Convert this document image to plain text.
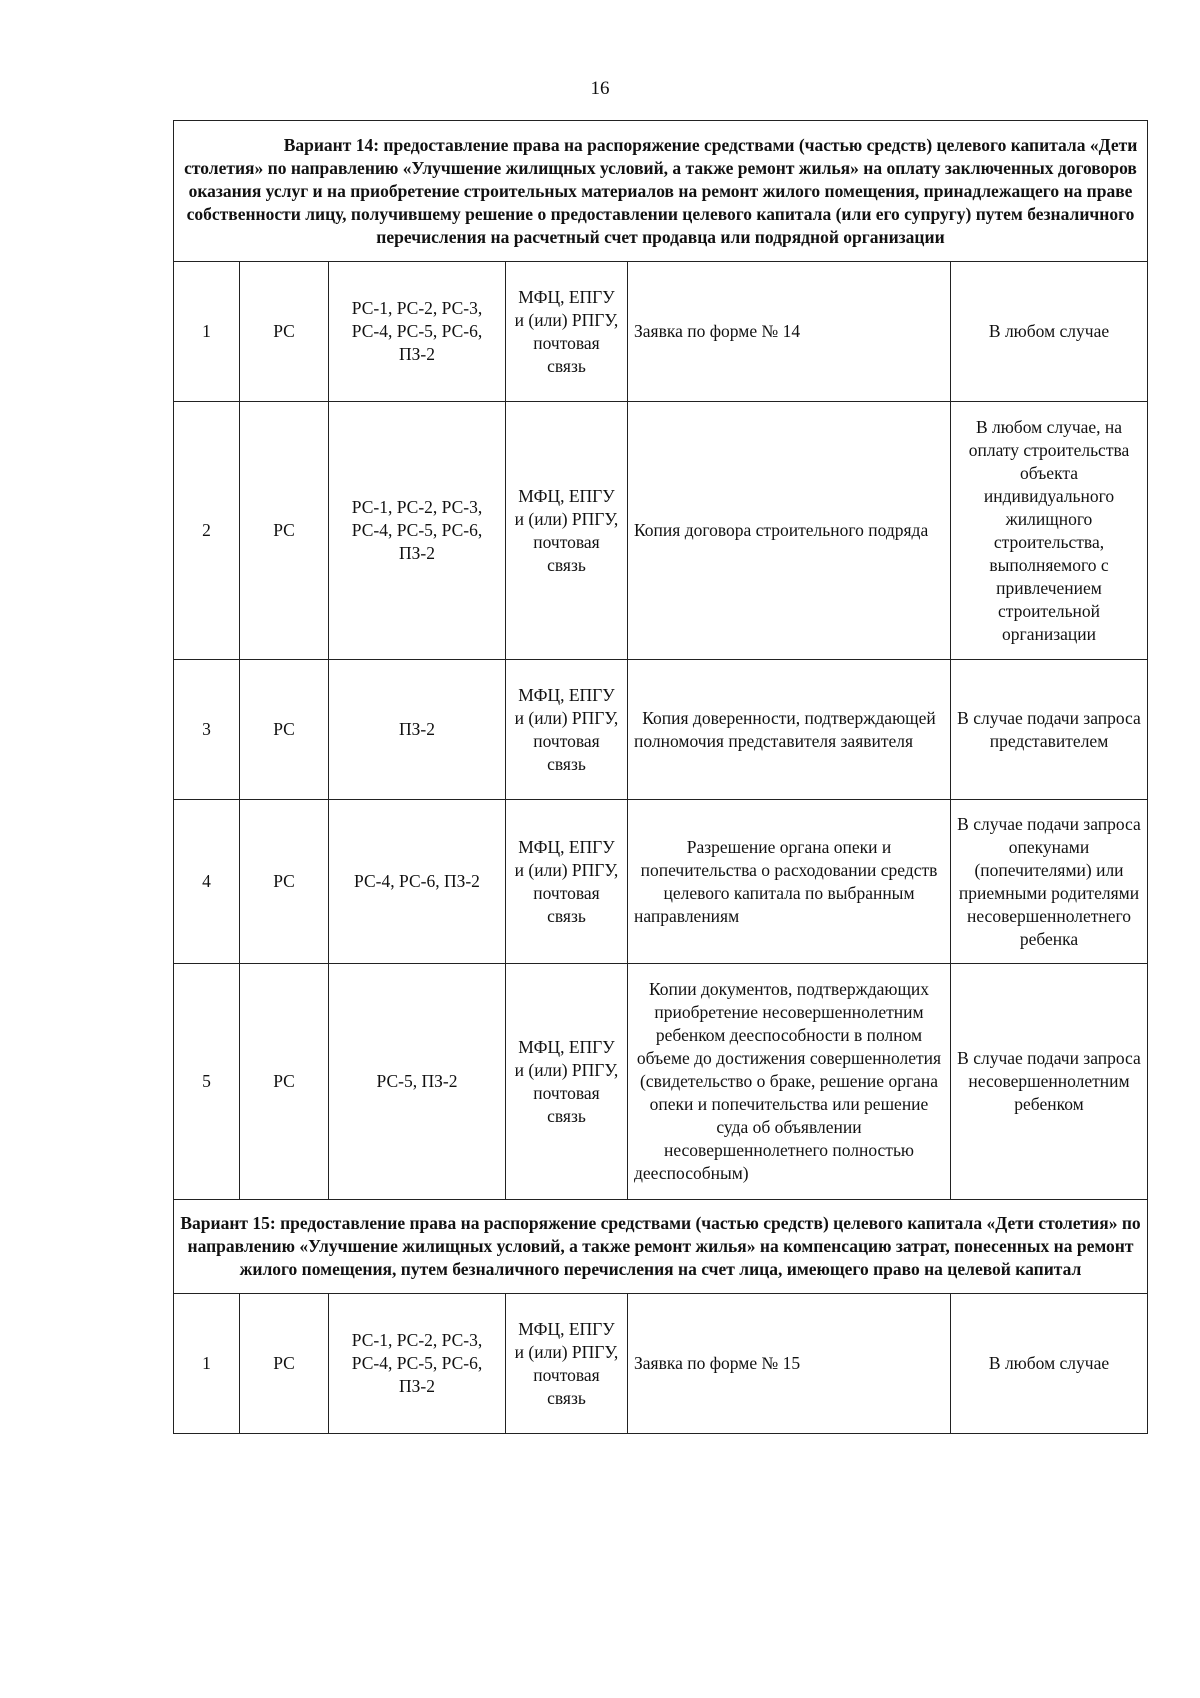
16
Вариант 14: предоставление права на распоряжение средствами (частью средств) целевого капитала «Дети столетия» по направлению «Улучшение жилищных условий, а также ремонт жилья» на оплату заключенных договоров оказания услуг и на приобретение строительных материалов на ремонт жилого помещения, принадлежащего на праве собственности лицу, получившему решение о предоставлении целевого капитала (или его супругу) путем безналичного перечисления на расчетный счет продавца или подрядной организации					

1	РС	РС-1, РС-2, РС-3, РС-4, РС-5, РС-6, ПЗ-2	МФЦ, ЕПГУ и (или) РПГУ, почтовая связь	Заявка по форме № 14	В любом случае
2	РС	РС-1, РС-2, РС-3, РС-4, РС-5, РС-6, ПЗ-2	МФЦ, ЕПГУ и (или) РПГУ, почтовая связь	Копия договора строительного подряда	В любом случае, на оплату строительства объекта индивидуального жилищного строительства, выполняемого с привлечением строительной организации
3	РС	ПЗ-2	МФЦ, ЕПГУ и (или) РПГУ, почтовая связь	Копия доверенности, подтверждающей полномочия представителя заявителя	В случае подачи запроса представителем
4	РС	РС-4, РС-6, ПЗ-2	МФЦ, ЕПГУ и (или) РПГУ, почтовая связь	Разрешение органа опеки и попечительства о расходовании средств целевого капитала по выбранным направлениям	В случае подачи запроса опекунами (попечителями) или приемными родителями несовершеннолетнего ребенка
5	РС	РС-5, ПЗ-2	МФЦ, ЕПГУ и (или) РПГУ, почтовая связь	Копии документов, подтверждающих приобретение несовершеннолетним ребенком дееспособности в полном объеме до достижения совершеннолетия (свидетельство о браке, решение органа опеки и попечительства или решение суда об объявлении несовершеннолетнего полностью дееспособным)	В случае подачи запроса несовершеннолетним ребенком

Вариант 15: предоставление права на распоряжение средствами (частью средств) целевого капитала «Дети столетия» по направлению «Улучшение жилищных условий, а также ремонт жилья» на компенсацию затрат, понесенных на ремонт жилого помещения, путем безналичного перечисления на счет лица, имеющего право на целевой капитал					

1	РС	РС-1, РС-2, РС-3, РС-4, РС-5, РС-6, ПЗ-2	МФЦ, ЕПГУ и (или) РПГУ, почтовая связь	Заявка по форме № 15	В любом случае
